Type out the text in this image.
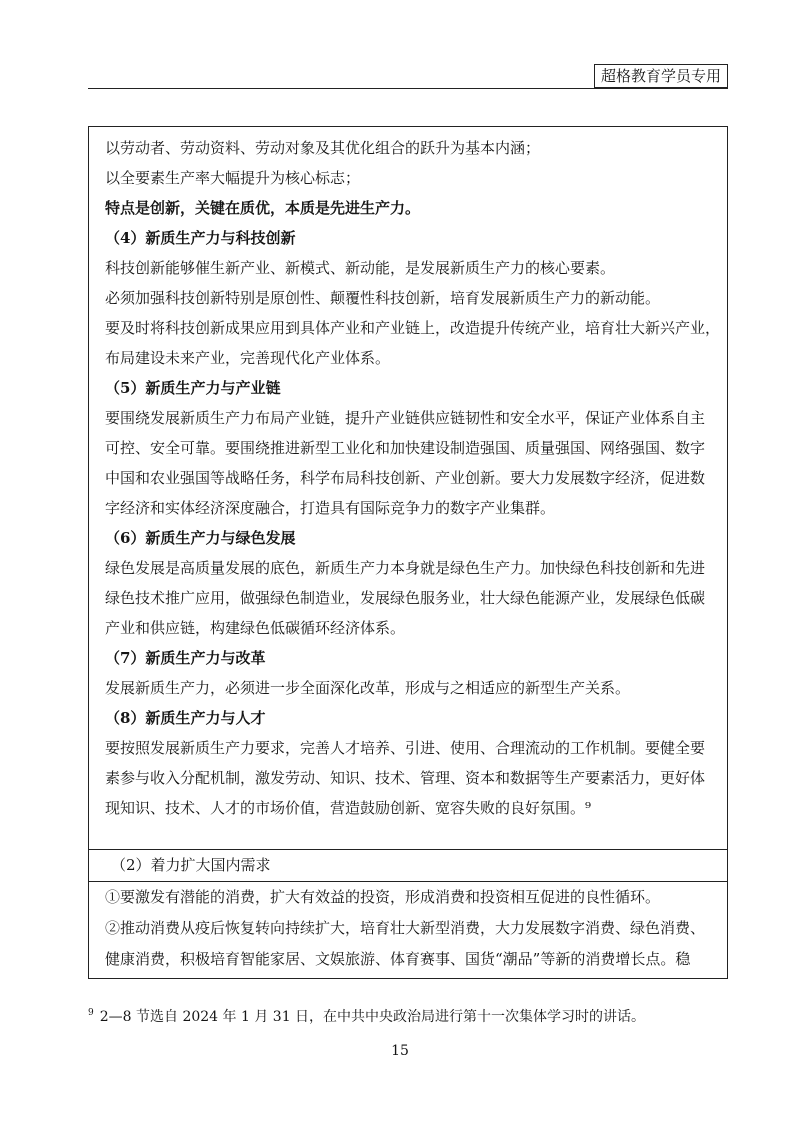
超格教育学员专用
以劳动者、劳动资料、劳动对象及其优化组合的跃升为基本内涵；
以全要素生产率大幅提升为核心标志；
特点是创新，关键在质优，本质是先进生产力。
（4）新质生产力与科技创新
科技创新能够催生新产业、新模式、新动能，是发展新质生产力的核心要素。
必须加强科技创新特别是原创性、颠覆性科技创新，培育发展新质生产力的新动能。
要及时将科技创新成果应用到具体产业和产业链上，改造提升传统产业，培育壮大新兴产业，
布局建设未来产业，完善现代化产业体系。
（5）新质生产力与产业链
要围绕发展新质生产力布局产业链，提升产业链供应链韧性和安全水平，保证产业体系自主
可控、安全可靠。要围绕推进新型工业化和加快建设制造强国、质量强国、网络强国、数字
中国和农业强国等战略任务，科学布局科技创新、产业创新。要大力发展数字经济，促进数
字经济和实体经济深度融合，打造具有国际竞争力的数字产业集群。
（6）新质生产力与绿色发展
绿色发展是高质量发展的底色，新质生产力本身就是绿色生产力。加快绿色科技创新和先进
绿色技术推广应用，做强绿色制造业，发展绿色服务业，壮大绿色能源产业，发展绿色低碳
产业和供应链，构建绿色低碳循环经济体系。
（7）新质生产力与改革
发展新质生产力，必须进一步全面深化改革，形成与之相适应的新型生产关系。
（8）新质生产力与人才
要按照发展新质生产力要求，完善人才培养、引进、使用、合理流动的工作机制。要健全要
素参与收入分配机制，激发劳动、知识、技术、管理、资本和数据等生产要素活力，更好体
现知识、技术、人才的市场价值，营造鼓励创新、宽容失败的良好氛围。⁹
（2）着力扩大国内需求
①要激发有潜能的消费，扩大有效益的投资，形成消费和投资相互促进的良性循环。
②推动消费从疫后恢复转向持续扩大，培育壮大新型消费，大力发展数字消费、绿色消费、
健康消费，积极培育智能家居、文娱旅游、体育赛事、国货“潮品”等新的消费增长点。稳
$^9$ 2—8 节选自 2024 年 1 月 31 日，在中共中央政治局进行第十一次集体学习时的讲话。
15
